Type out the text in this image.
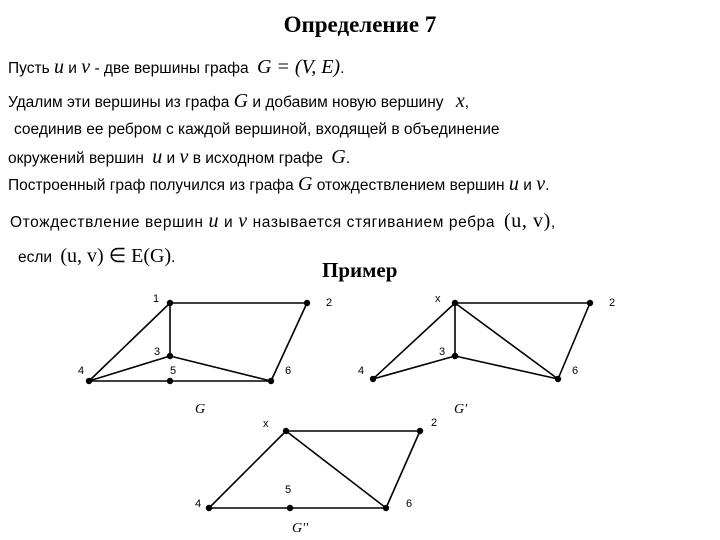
Определение 7
Пусть u и v - две вершины графа G = (V, E).
Удалим эти вершины из графа G и добавим новую вершину x,
соединив ее ребром с каждой вершиной, входящей в объединение
окружений вершин u и v в исходном графе G.
Построенный граф получился из графа G отождествлением вершин u и v.
Отождествление вершин u и v называется стягиванием ребра (u, v),
если (u, v) ∈ E(G).
Пример
1	2
3
4	5	6
x	2
3
4	6
x	2
4
5
6
G	G'
G''
